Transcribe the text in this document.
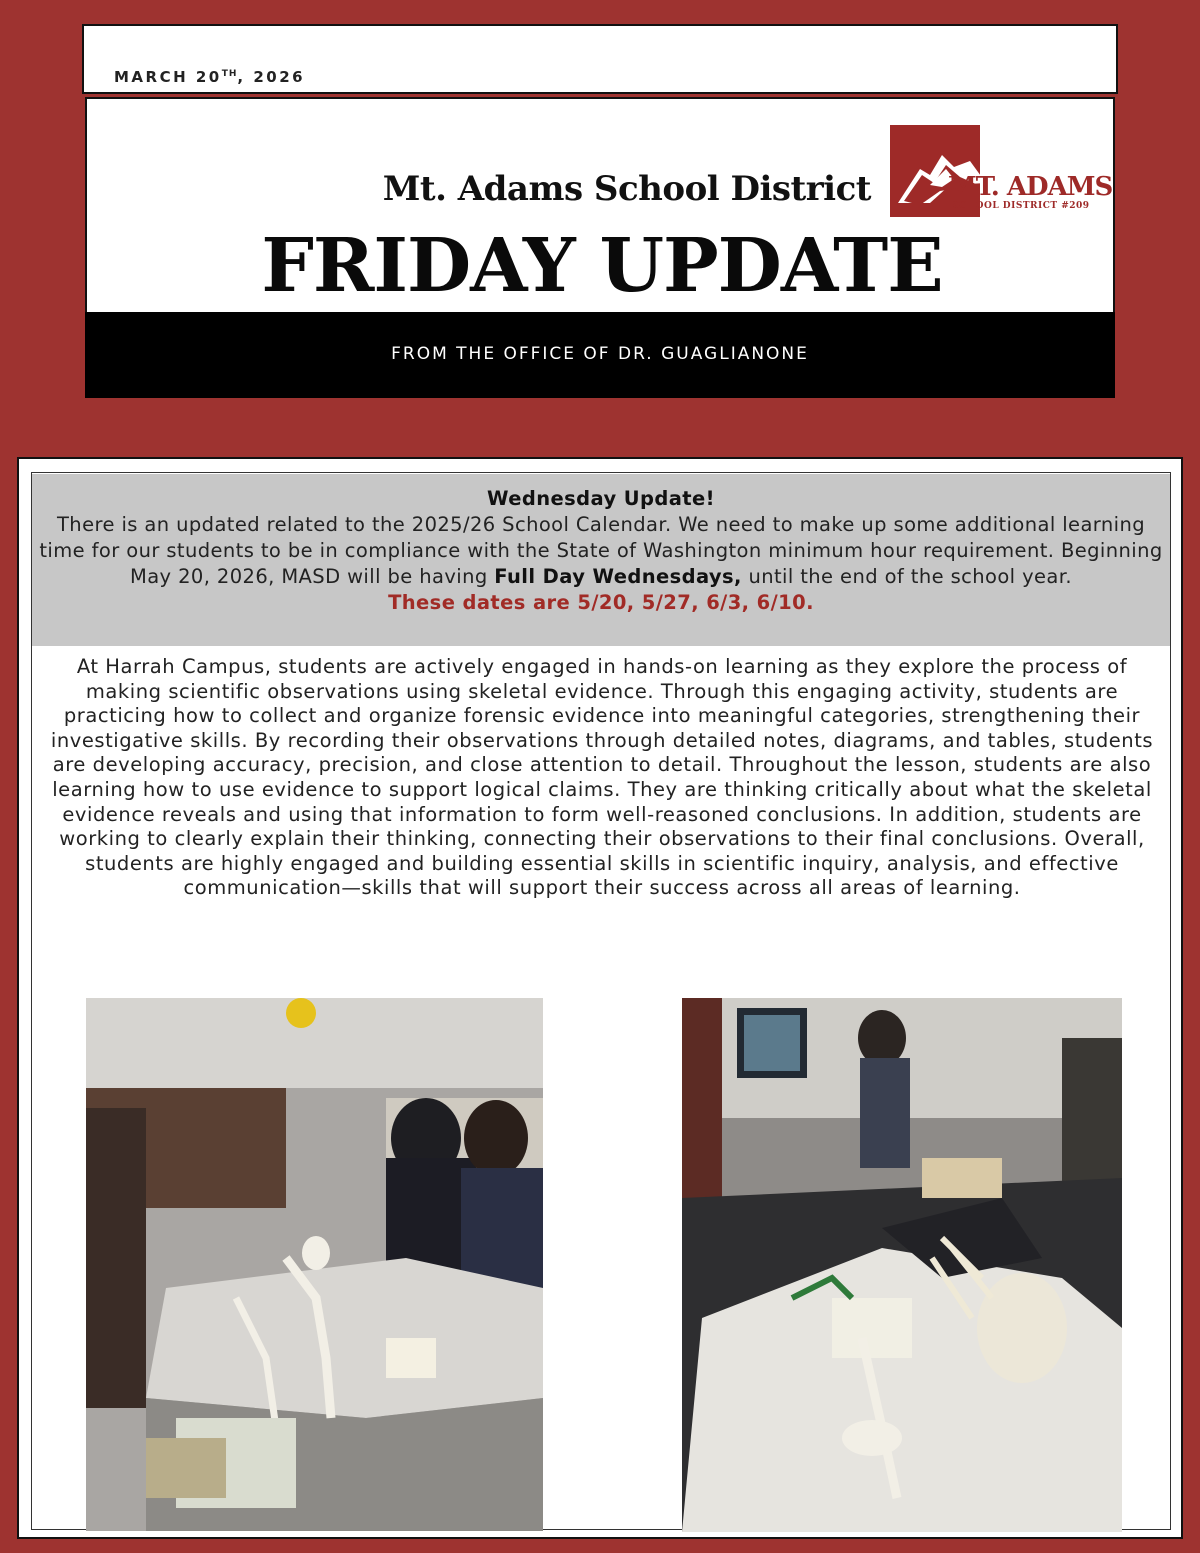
MARCH 20TH, 2026
Mt. Adams School District
FRIDAY UPDATE
MT. ADAMS
SCHOOL DISTRICT #209
FROM THE OFFICE OF DR. GUAGLIANONE
Wednesday Update!
There is an updated related to the 2025/26 School Calendar. We need to make up some additional learning time for our students to be in compliance with the State of Washington minimum hour requirement. Beginning May 20, 2026, MASD will be having Full Day Wednesdays, until the end of the school year.
These dates are 5/20, 5/27, 6/3, 6/10.
At Harrah Campus, students are actively engaged in hands-on learning as they explore the process of making scientific observations using skeletal evidence. Through this engaging activity, students are practicing how to collect and organize forensic evidence into meaningful categories, strengthening their investigative skills. By recording their observations through detailed notes, diagrams, and tables, students are developing accuracy, precision, and close attention to detail. Throughout the lesson, students are also learning how to use evidence to support logical claims. They are thinking critically about what the skeletal evidence reveals and using that information to form well-reasoned conclusions. In addition, students are working to clearly explain their thinking, connecting their observations to their final conclusions. Overall, students are highly engaged and building essential skills in scientific inquiry, analysis, and effective communication—skills that will support their success across all areas of learning.
